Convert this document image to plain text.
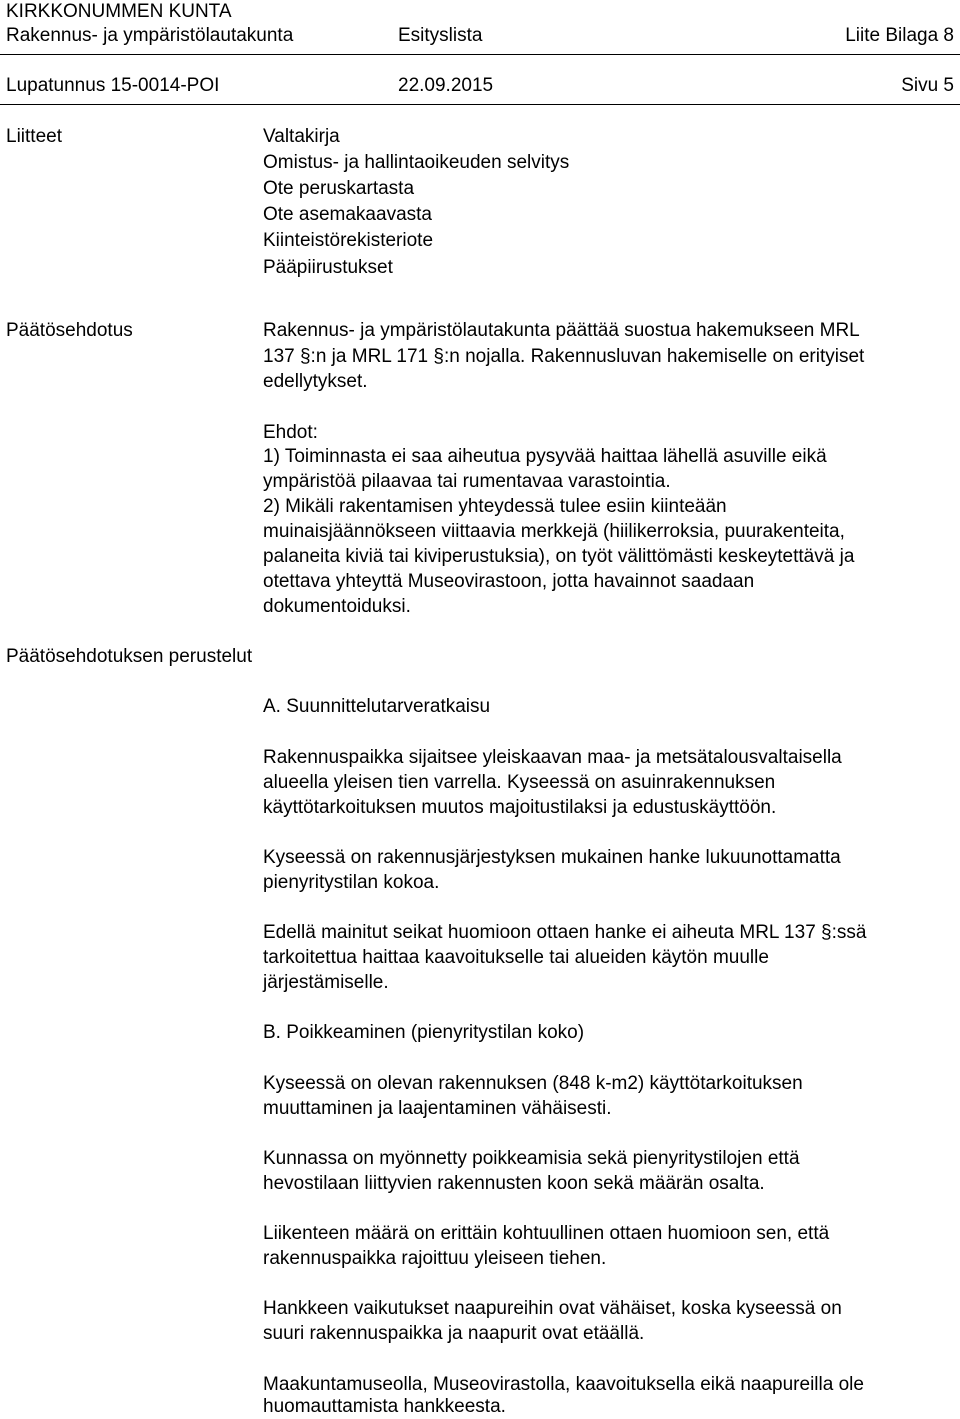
KIRKKONUMMEN KUNTA
Rakennus- ja ympäristölautakunta	Esityslista	Liite Bilaga 8
Lupatunnus 15-0014-POI	22.09.2015	Sivu 5
Liitteet	Valtakirja
Omistus- ja hallintaoikeuden selvitys
Ote peruskartasta
Ote asemakaavasta
Kiinteistörekisteriote
Pääpiirustukset
Päätösehdotus	Rakennus- ja ympäristölautakunta päättää suostua hakemukseen MRL
137 §:n ja MRL 171 §:n nojalla. Rakennusluvan hakemiselle on erityiset
edellytykset.
Ehdot:
1) Toiminnasta ei saa aiheutua pysyvää haittaa lähellä asuville eikä
ympäristöä pilaavaa tai rumentavaa varastointia.
2) Mikäli rakentamisen yhteydessä tulee esiin kiinteään
muinaisjäännökseen viittaavia merkkejä (hiilikerroksia, puurakenteita,
palaneita kiviä tai kiviperustuksia), on työt välittömästi keskeytettävä ja
otettava yhteyttä Museovirastoon, jotta havainnot saadaan
dokumentoiduksi.
Päätösehdotuksen perustelut
A. Suunnittelutarveratkaisu
Rakennuspaikka sijaitsee yleiskaavan maa- ja metsätalousvaltaisella
alueella yleisen tien varrella. Kyseessä on asuinrakennuksen
käyttötarkoituksen muutos majoitustilaksi ja edustuskäyttöön.
Kyseessä on rakennusjärjestyksen mukainen hanke lukuunottamatta
pienyritystilan kokoa.
Edellä mainitut seikat huomioon ottaen hanke ei aiheuta MRL 137 §:ssä
tarkoitettua haittaa kaavoitukselle tai alueiden käytön muulle
järjestämiselle.
B. Poikkeaminen (pienyritystilan koko)
Kyseessä on olevan rakennuksen (848 k-m2) käyttötarkoituksen
muuttaminen ja laajentaminen vähäisesti.
Kunnassa on myönnetty poikkeamisia sekä pienyritystilojen että
hevostilaan liittyvien rakennusten koon sekä määrän osalta.
Liikenteen määrä on erittäin kohtuullinen ottaen huomioon sen, että
rakennuspaikka rajoittuu yleiseen tiehen.
Hankkeen vaikutukset naapureihin ovat vähäiset, koska kyseessä on
suuri rakennuspaikka ja naapurit ovat etäällä.
Maakuntamuseolla, Museovirastolla, kaavoituksella eikä naapureilla ole
huomauttamista hankkeesta.
